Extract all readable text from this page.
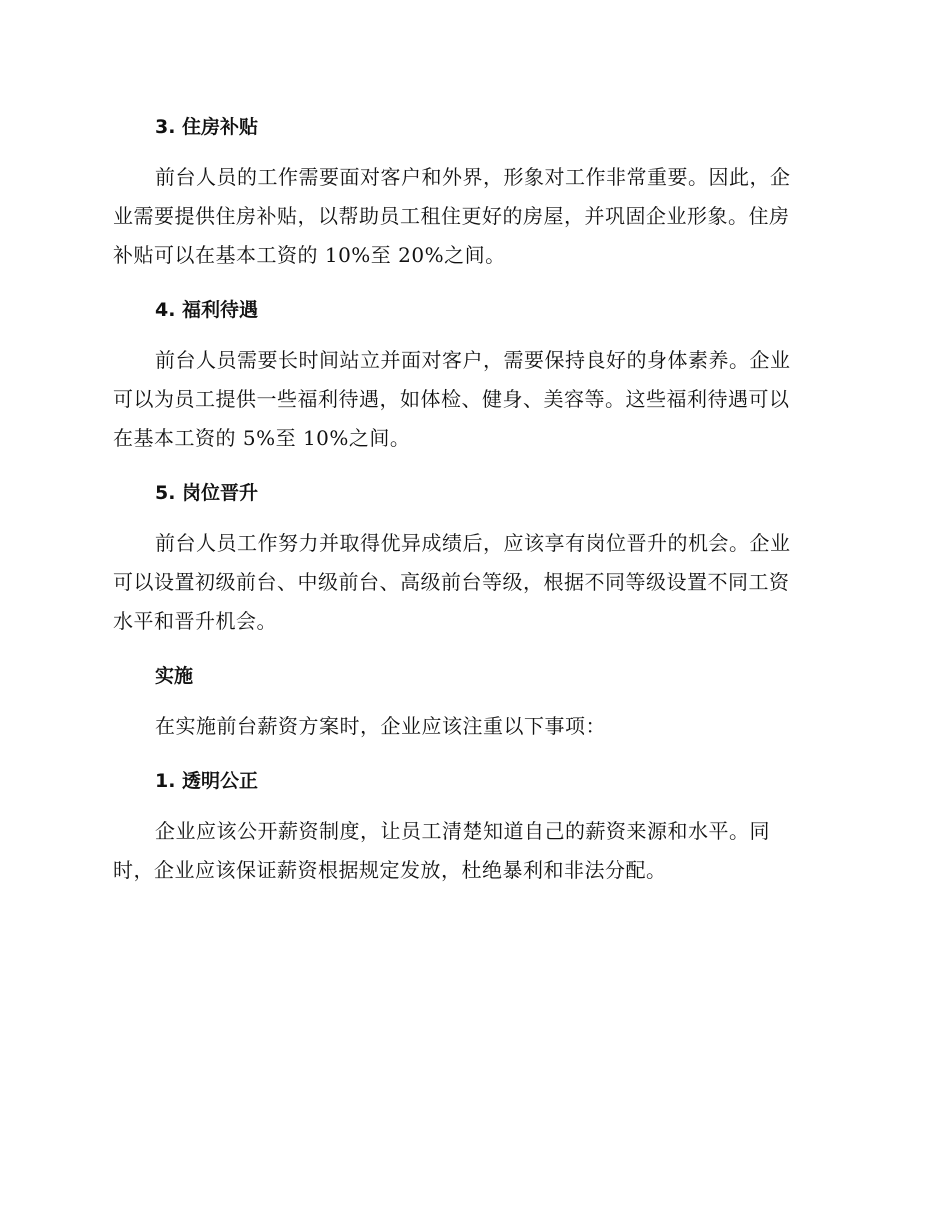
3. 住房补贴

前台人员的工作需要面对客户和外界，形象对工作非常重要。因此，企
业需要提供住房补贴，以帮助员工租住更好的房屋，并巩固企业形象。住房
补贴可以在基本工资的 10%至 20%之间。

4. 福利待遇

前台人员需要长时间站立并面对客户，需要保持良好的身体素养。企业
可以为员工提供一些福利待遇，如体检、健身、美容等。这些福利待遇可以
在基本工资的 5%至 10%之间。

5. 岗位晋升

前台人员工作努力并取得优异成绩后，应该享有岗位晋升的机会。企业
可以设置初级前台、中级前台、高级前台等级，根据不同等级设置不同工资
水平和晋升机会。

实施

在实施前台薪资方案时，企业应该注重以下事项：

1. 透明公正

企业应该公开薪资制度，让员工清楚知道自己的薪资来源和水平。同
时，企业应该保证薪资根据规定发放，杜绝暴利和非法分配。
